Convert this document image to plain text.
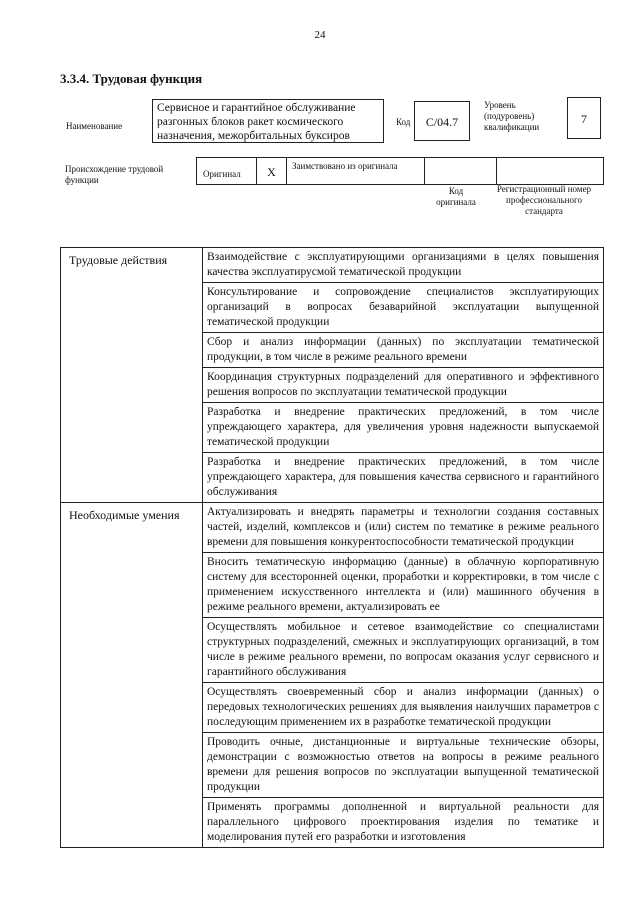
24
3.3.4. Трудовая функция
Наименование
Сервисное и гарантийное обслуживание разгонных блоков ракет космического назначения, межорбитальных буксиров
Код	C/04.7
Уровень (подуровень) квалификации
7
Происхождение трудовой функции
Оригинал	X	Заимствовано из оригинала
Код оригинала
Регистрационный номер профессионального стандарта
Трудовые действия	Взаимодействие с эксплуатирующими организациями в целях повышения качества эксплуатирусмой тематической продукции
Консультирование и сопровождение специалистов эксплуатирующих организаций в вопросах безаварийной эксплуатации выпущенной тематической продукции
Сбор и анализ информации (данных) по эксплуатации тематической продукции, в том числе в режиме реального времени
Координация структурных подразделений для оперативного и эффективного решения вопросов по эксплуатации тематической продукции
Разработка и внедрение практических предложений, в том числе упреждающего характера, для увеличения уровня надежности выпускаемой тематической продукции
Разработка и внедрение практических предложений, в том числе упреждающего характера, для повышения качества сервисного и гарантийного обслуживания
Необходимые умения	Актуализировать и внедрять параметры и технологии создания составных частей, изделий, комплексов и (или) систем по тематике в режиме реального времени для повышения конкурентоспособности тематической продукции
Вносить тематическую информацию (данные) в облачную корпоративную систему для всесторонней оценки, проработки и корректировки, в том числе с применением искусственного интеллекта и (или) машинного обучения в режиме реального времени, актуализировать ее
Осуществлять мобильное и сетевое взаимодействие со специалистами структурных подразделений, смежных и эксплуатирующих организаций, в том числе в режиме реального времени, по вопросам оказания услуг сервисного и гарантийного обслуживания
Осуществлять своевременный сбор и анализ информации (данных) о передовых технологических решениях для выявления наилучших параметров с последующим применением их в разработке тематической продукции
Проводить очные, дистанционные и виртуальные технические обзоры, демонстрации с возможностью ответов на вопросы в режиме реального времени для решения вопросов по эксплуатации выпущенной тематической продукции
Применять программы дополненной и виртуальной реальности для параллельного цифрового проектирования изделия по тематике и моделирования путей его разработки и изготовления
